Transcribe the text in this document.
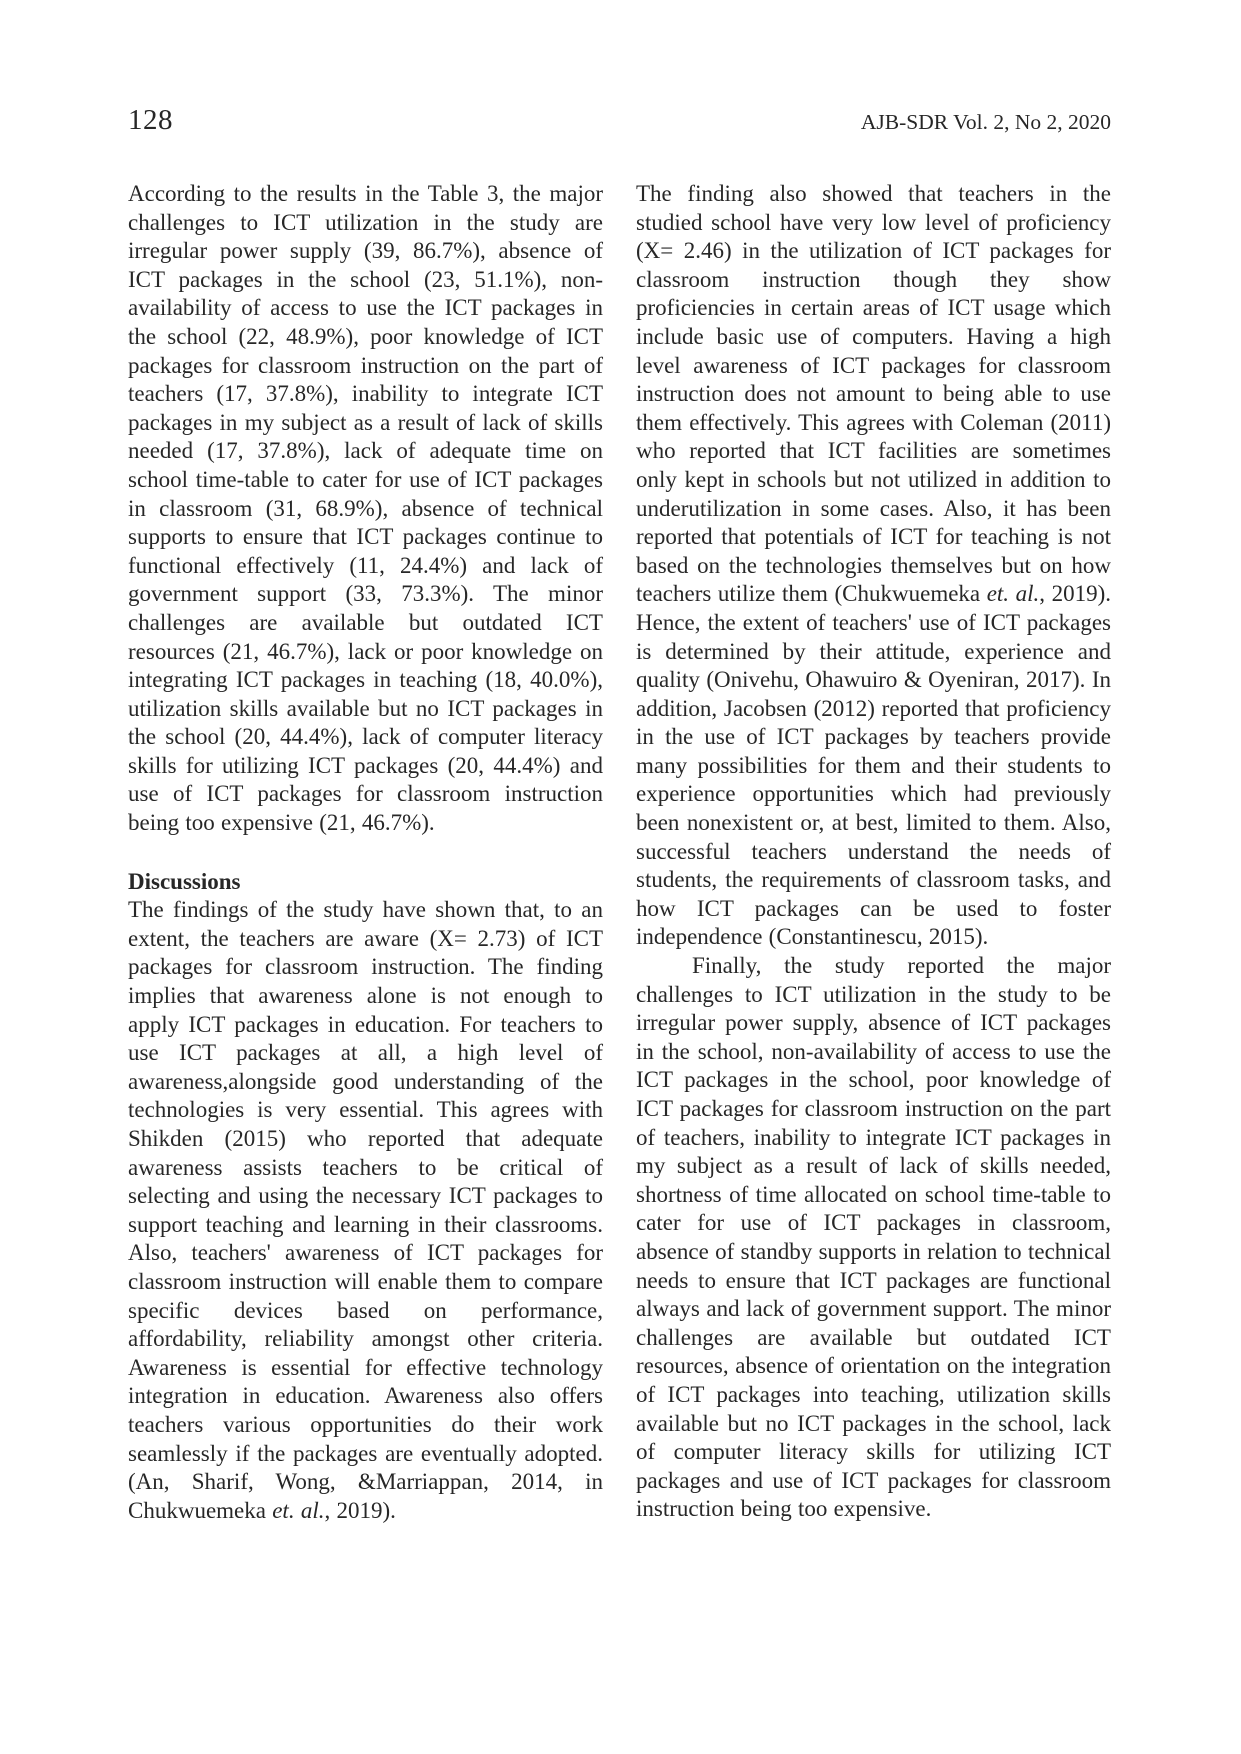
128	AJB-SDR Vol. 2, No 2, 2020

According to the results in the Table 3, the major challenges to ICT utilization in the study are irregular power supply (39, 86.7%), absence of ICT packages in the school (23, 51.1%), non-availability of access to use the ICT packages in the school (22, 48.9%), poor knowledge of ICT packages for classroom instruction on the part of teachers (17, 37.8%), inability to integrate ICT packages in my subject as a result of lack of skills needed (17, 37.8%), lack of adequate time on school time-table to cater for use of ICT packages in classroom (31, 68.9%), absence of technical supports to ensure that ICT packages continue to functional effectively (11, 24.4%) and lack of government support (33, 73.3%). The minor challenges are available but outdated ICT resources (21, 46.7%), lack or poor knowledge on integrating ICT packages in teaching (18, 40.0%), utilization skills available but no ICT packages in the school (20, 44.4%), lack of computer literacy skills for utilizing ICT packages (20, 44.4%) and use of ICT packages for classroom instruction being too expensive (21, 46.7%).

Discussions

The findings of the study have shown that, to an extent, the teachers are aware (X= 2.73) of ICT packages for classroom instruction. The finding implies that awareness alone is not enough to apply ICT packages in education. For teachers to use ICT packages at all, a high level of awareness,alongside good understanding of the technologies is very essential. This agrees with Shikden (2015) who reported that adequate awareness assists teachers to be critical of selecting and using the necessary ICT packages to support teaching and learning in their classrooms. Also, teachers' awareness of ICT packages for classroom instruction will enable them to compare specific devices based on performance, affordability, reliability amongst other criteria. Awareness is essential for effective technology integration in education. Awareness also offers teachers various opportunities do their work seamlessly if the packages are eventually adopted. (An, Sharif, Wong, &Marriappan, 2014, in Chukwuemeka et. al., 2019).

The finding also showed that teachers in the studied school have very low level of proficiency (X= 2.46) in the utilization of ICT packages for classroom instruction though they show proficiencies in certain areas of ICT usage which include basic use of computers. Having a high level awareness of ICT packages for classroom instruction does not amount to being able to use them effectively. This agrees with Coleman (2011) who reported that ICT facilities are sometimes only kept in schools but not utilized in addition to underutilization in some cases. Also, it has been reported that potentials of ICT for teaching is not based on the technologies themselves but on how teachers utilize them (Chukwuemeka et. al., 2019). Hence, the extent of teachers' use of ICT packages is determined by their attitude, experience and quality (Onivehu, Ohawuiro & Oyeniran, 2017). In addition, Jacobsen (2012) reported that proficiency in the use of ICT packages by teachers provide many possibilities for them and their students to experience opportunities which had previously been nonexistent or, at best, limited to them. Also, successful teachers understand the needs of students, the requirements of classroom tasks, and how ICT packages can be used to foster independence (Constantinescu, 2015).

Finally, the study reported the major challenges to ICT utilization in the study to be irregular power supply, absence of ICT packages in the school, non-availability of access to use the ICT packages in the school, poor knowledge of ICT packages for classroom instruction on the part of teachers, inability to integrate ICT packages in my subject as a result of lack of skills needed, shortness of time allocated on school time-table to cater for use of ICT packages in classroom, absence of standby supports in relation to technical needs to ensure that ICT packages are functional always and lack of government support. The minor challenges are available but outdated ICT resources, absence of orientation on the integration of ICT packages into teaching, utilization skills available but no ICT packages in the school, lack of computer literacy skills for utilizing ICT packages and use of ICT packages for classroom instruction being too expensive.
